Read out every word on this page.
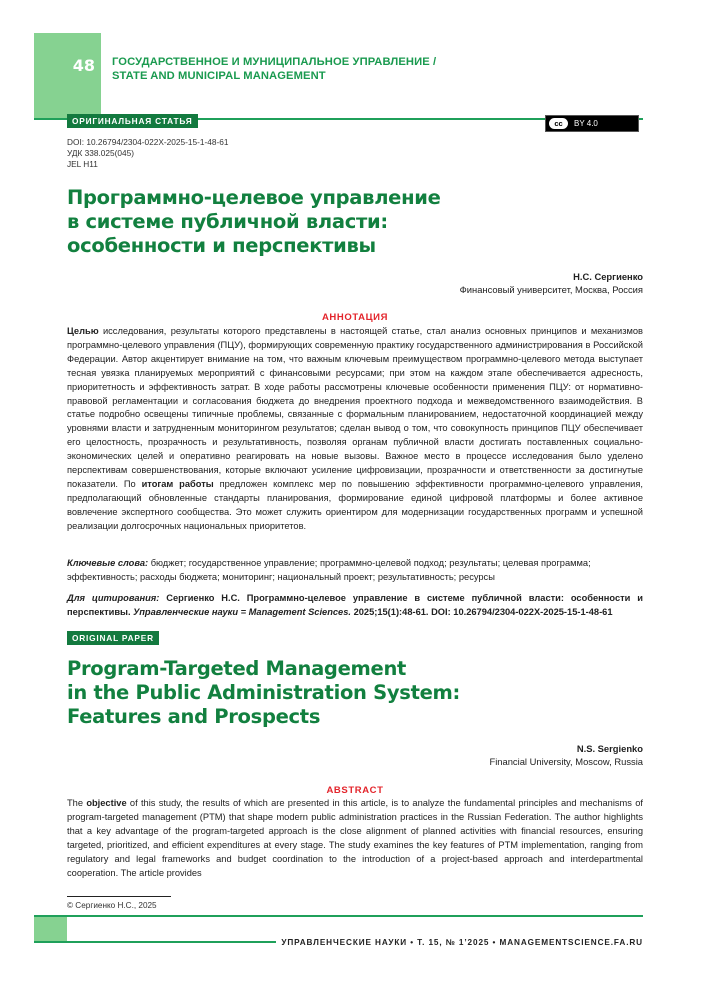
48 ГОСУДАРСТВЕННОЕ И МУНИЦИПАЛЬНОЕ УПРАВЛЕНИЕ /
STATE AND MUNICIPAL MANAGEMENT
ОРИГИНАЛЬНАЯ СТАТЬЯ	cc	BY 4.0
DOI: 10.26794/2304-022X-2025-15-1-48-61
УДК 338.025(045)
JEL H11
Программно-целевое управление
в системе публичной власти:
особенности и перспективы
Н.С. Сергиенко
Финансовый университет, Москва, Россия
АННОТАЦИЯ
Целью исследования, результаты которого представлены в настоящей статье, стал анализ основных принципов и механизмов программно-целевого управления (ПЦУ), формирующих современную практику государственного администрирования в Российской Федерации. Автор акцентирует внимание на том, что важным ключевым преимуществом программно-целевого метода выступает тесная увязка планируемых мероприятий с финансовыми ресурсами; при этом на каждом этапе обеспечивается адресность, приоритетность и эффективность затрат. В ходе работы рассмотрены ключевые особенности применения ПЦУ: от нормативно-правовой регламентации и согласования бюджета до внедрения проектного подхода и межведомственного взаимодействия. В статье подробно освещены типичные проблемы, связанные с формальным планированием, недостаточной координацией между уровнями власти и затрудненным мониторингом результатов; сделан вывод о том, что совокупность принципов ПЦУ обеспечивает его целостность, прозрачность и результативность, позволяя органам публичной власти достигать поставленных социально-экономических целей и оперативно реагировать на новые вызовы. Важное место в процессе исследования было уделено перспективам совершенствования, которые включают усиление цифровизации, прозрачности и ответственности за достигнутые показатели. По итогам работы предложен комплекс мер по повышению эффективности программно-целевого управления, предполагающий обновленные стандарты планирования, формирование единой цифровой платформы и более активное вовлечение экспертного сообщества. Это может служить ориентиром для модернизации государственных программ и успешной реализации долгосрочных национальных приоритетов.
Ключевые слова: бюджет; государственное управление; программно-целевой подход; результаты; целевая программа; эффективность; расходы бюджета; мониторинг; национальный проект; результативность; ресурсы
Для цитирования: Сергиенко Н.С. Программно-целевое управление в системе публичной власти: особенности и перспективы. Управленческие науки = Management Sciences. 2025;15(1):48-61. DOI: 10.26794/2304-022X-2025-15-1-48-61
ORIGINAL PAPER
Program-Targeted Management
in the Public Administration System:
Features and Prospects
N.S. Sergienko
Financial University, Moscow, Russia
ABSTRACT
The objective of this study, the results of which are presented in this article, is to analyze the fundamental principles and mechanisms of program-targeted management (PTM) that shape modern public administration practices in the Russian Federation. The author highlights that a key advantage of the program-targeted approach is the close alignment of planned activities with financial resources, ensuring targeted, prioritized, and efficient expenditures at every stage. The study examines the key features of PTM implementation, ranging from regulatory and legal frameworks and budget coordination to the introduction of a project-based approach and interdepartmental cooperation. The article provides
© Сергиенко Н.С., 2025
УПРАВЛЕНЧЕСКИЕ НАУКИ • Т. 15, № 1’2025 • MANAGEMENTSCIENCE.FA.RU
